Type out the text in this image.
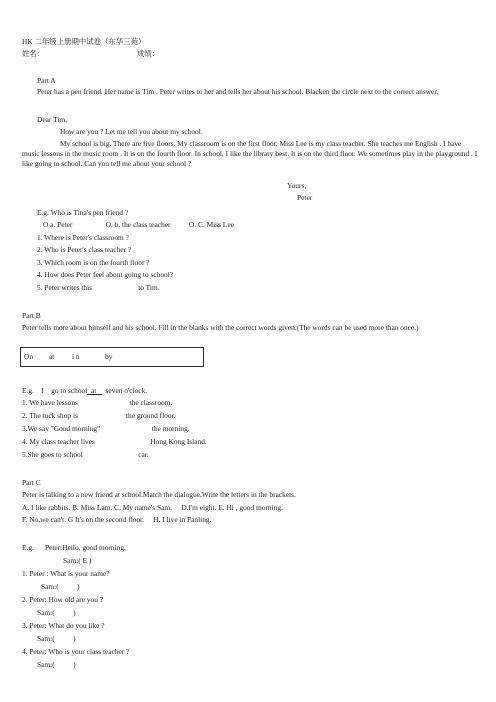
HK 二年级上册期中试卷（东华三苑）
姓名：	成绩：
Part A
Peter has a pen friend. Her name is Tim . Peter writes to her and tells her about his school. Blacken the circle next to the correct answer.
Dear Tim,
How are you ? Let me tell you about my school.
My school is big. There are five floors. My classroom is on the first floor. Miss Lee is my class teacher. She teaches me English . I have music lessons in the music room . It is on the fourth floor. In school, I like the library best. It is on the third floor. We sometimes play in the playground . I like going to school. Can you tell me about your school ?
Yours,
Peter
E.g. Who is Tina's pen friend ?
O a. Peter                  O. b. the class teacher          O. C. Miss Lee
1. Where is Peter's classroom ?
2. Who is Peter's class teacher ?
3. Which room is on the fourth floor ?
4. How does Peter feel about going to school?
5. Peter writes this                         to Tim.
Part B
Peter tells more about himself and his school. Fill in the blanks with the correct words given.(The words can be used more than once.)
On at i n	by
E.g.    I    go to school  at     seven o'clock.
1. We have lessons                            the classroom.
2. The tuck shop is                          the ground floor.
3.We say "Good morning"                            the morning.
4. My class teacher lives                              Hong Kong Island.
5.She goes to school                              car.
Part C
Peter is talking to a new friend at school.Match the dialogue.Write the letters in the brackets.
A. I like rabbits. B. Miss Lam. C. My name's Sam.     D.I'm eight. E. Hi , good morning.
F. No,we can't. G It's on the second floor.     H. I live in Fanling.
E.g.      Peter:Hello, good morning.
Sam:( E )
1. Peter : What is your name?
Sam:(          )
2. Peter: How old are you ?
Sam:(          )
3. Peter: What do you like ?
Sam:(          )
4. Peter: Who is your class teacher ?
Sam:(          )
